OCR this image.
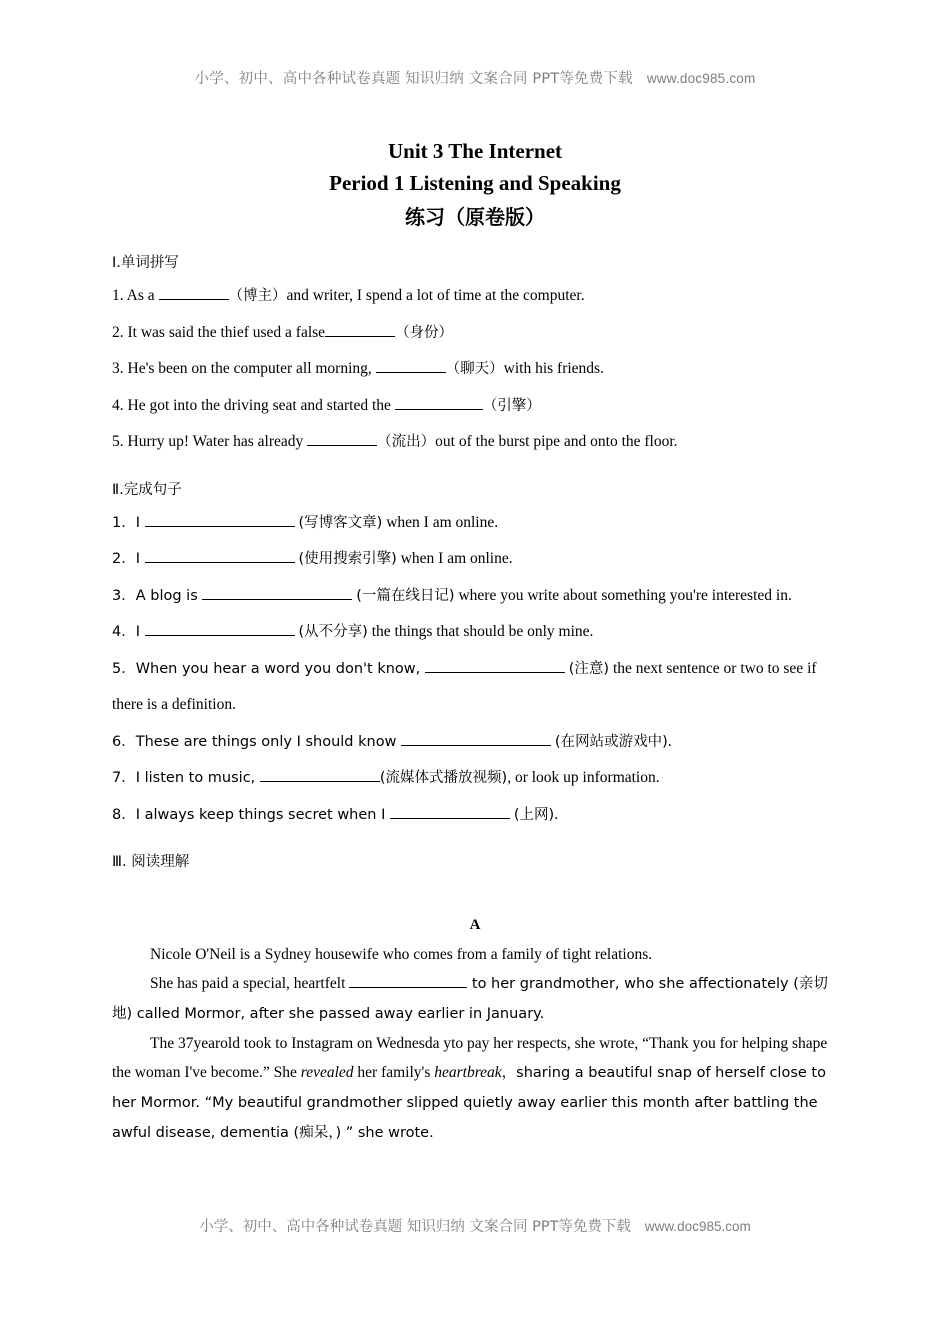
小学、初中、高中各种试卷真题 知识归纳 文案合同 PPT等免费下载 www.doc985.com
Unit 3 The Internet
Period 1 Listening and Speaking
练习（原卷版）
Ⅰ.单词拼写

1. As a	（博主）and writer, I spend a lot of time at the computer.

2. It was said the thief used a false	（身份）

3. He's been on the computer all morning,	（聊天）with his friends.

4. He got into the driving seat and started the	（引擎）

5. Hurry up! Water has already	（流出）out of the burst pipe and onto the floor.

Ⅱ.完成句子

1．I	(写博客文章) when I am online.

2．I	(使用搜索引擎) when I am online.

3．A blog is	(一篇在线日记) where you write about something you're interested in.

4．I	(从不分享) the things that should be only mine.

5．When you hear a word you don't know,	(注意) the next sentence or two to see if there is a definition.

6．These are things only I should know	(在网站或游戏中).

7．I listen to music,	(流媒体式播放视频), or look up information.

8．I always keep things secret when I	(上网).

Ⅲ. 阅读理解
A

Nicole O'Neil is a Sydney housewife who comes from a family of tight relations.

She has paid a special, heartfelt	to her grandmother, who she affectionately (亲切地) called Mormor, after she passed away earlier in January.

The 37yearold took to Instagram on Wednesda yto pay her respects, she wrote, “Thank you for helping shape the woman I've become.” She revealed her family's heartbreak，sharing a beautiful snap of herself close to her Mormor. “My beautiful grandmother slipped quietly away earlier this month after battling the awful disease, dementia (痴呆，) ” she wrote.

小学、初中、高中各种试卷真题 知识归纳 文案合同 PPT等免费下载 www.doc985.com
